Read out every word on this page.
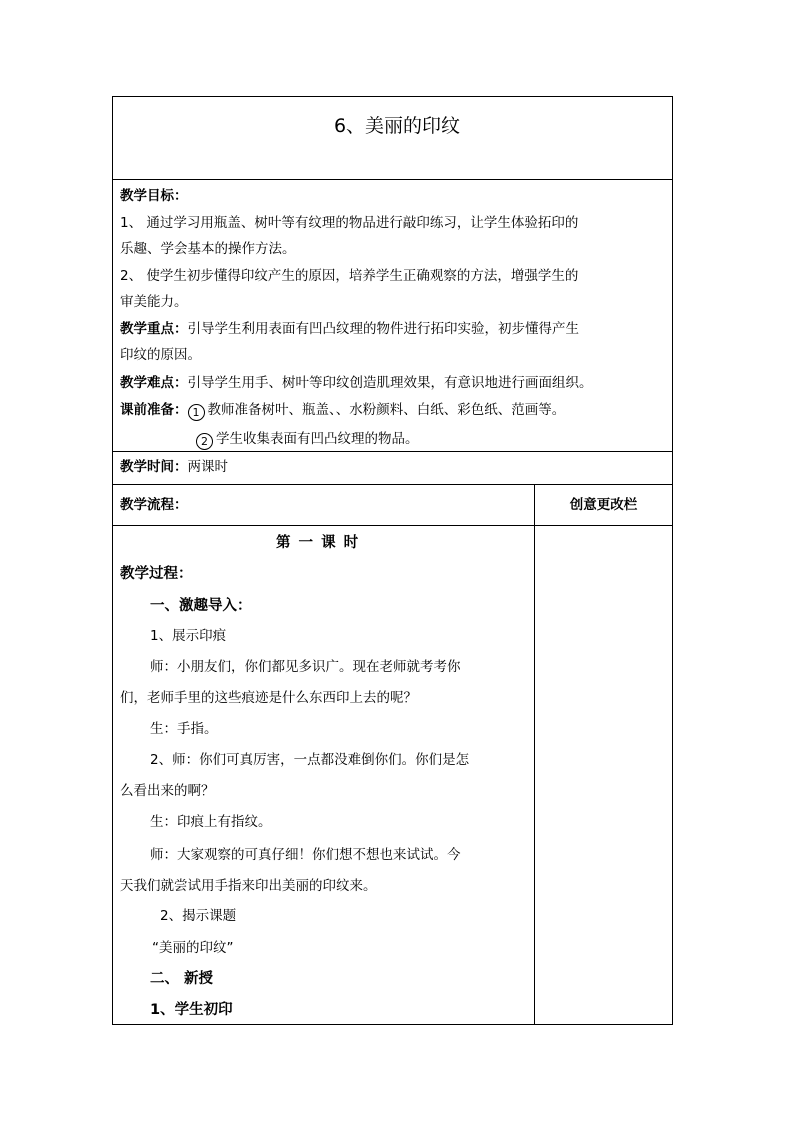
6、美丽的印纹
教学目标：
1、 通过学习用瓶盖、树叶等有纹理的物品进行敲印练习，让学生体验拓印的
乐趣、学会基本的操作方法。
2、 使学生初步懂得印纹产生的原因，培养学生正确观察的方法，增强学生的
审美能力。
教学重点：引导学生利用表面有凹凸纹理的物件进行拓印实验，初步懂得产生
印纹的原因。
教学难点：引导学生用手、树叶等印纹创造肌理效果，有意识地进行画面组织。
课前准备： 1 教师准备树叶、瓶盖、、水粉颜料、白纸、彩色纸、范画等。
2 学生收集表面有凹凸纹理的物品。
教学时间：两课时
教学流程：	创意更改栏
第 一 课 时
教学过程：
一、激趣导入：
1、展示印痕
师：小朋友们，你们都见多识广。现在老师就考考你
们，老师手里的这些痕迹是什么东西印上去的呢？
生：手指。
2、师：你们可真厉害，一点都没难倒你们。你们是怎
么看出来的啊？
生：印痕上有指纹。
师：大家观察的可真仔细！你们想不想也来试试。今
天我们就尝试用手指来印出美丽的印纹来。
2、揭示课题
“美丽的印纹”
二、 新授
1、学生初印
